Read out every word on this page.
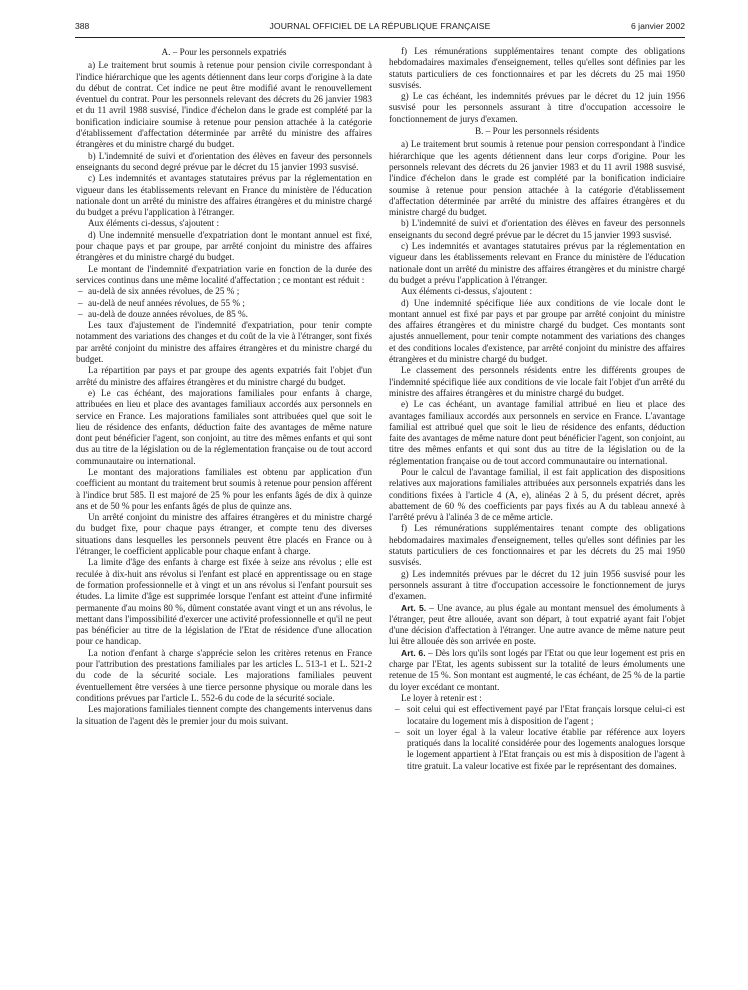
388	JOURNAL OFFICIEL DE LA RÉPUBLIQUE FRANÇAISE	6 janvier 2002

A. – Pour les personnels expatriés

a) Le traitement brut soumis à retenue pour pension civile correspondant à l'indice hiérarchique que les agents détiennent dans leur corps d'origine à la date du début de contrat. Cet indice ne peut être modifié avant le renouvellement éventuel du contrat. Pour les personnels relevant des décrets du 26 janvier 1983 et du 11 avril 1988 susvisé, l'indice d'échelon dans le grade est complété par la bonification indiciaire soumise à retenue pour pension attachée à la catégorie d'établissement d'affectation déterminée par arrêté du ministre des affaires étrangères et du ministre chargé du budget.

b) L'indemnité de suivi et d'orientation des élèves en faveur des personnels enseignants du second degré prévue par le décret du 15 janvier 1993 susvisé.

c) Les indemnités et avantages statutaires prévus par la réglementation en vigueur dans les établissements relevant en France du ministère de l'éducation nationale dont un arrêté du ministre des affaires étrangères et du ministre chargé du budget a prévu l'application à l'étranger.

Aux éléments ci-dessus, s'ajoutent :

d) Une indemnité mensuelle d'expatriation dont le montant annuel est fixé, pour chaque pays et par groupe, par arrêté conjoint du ministre des affaires étrangères et du ministre chargé du budget.

Le montant de l'indemnité d'expatriation varie en fonction de la durée des services continus dans une même localité d'affectation ; ce montant est réduit :

– au-delà de six années révolues, de 25 % ;

– au-delà de neuf années révolues, de 55 % ;

– au-delà de douze années révolues, de 85 %.

Les taux d'ajustement de l'indemnité d'expatriation, pour tenir compte notamment des variations des changes et du coût de la vie à l'étranger, sont fixés par arrêté conjoint du ministre des affaires étrangères et du ministre chargé du budget.

La répartition par pays et par groupe des agents expatriés fait l'objet d'un arrêté du ministre des affaires étrangères et du ministre chargé du budget.

e) Le cas échéant, des majorations familiales pour enfants à charge, attribuées en lieu et place des avantages familiaux accordés aux personnels en service en France. Les majorations familiales sont attribuées quel que soit le lieu de résidence des enfants, déduction faite des avantages de même nature dont peut bénéficier l'agent, son conjoint, au titre des mêmes enfants et qui sont dus au titre de la législation ou de la réglementation française ou de tout accord communautaire ou international.

Le montant des majorations familiales est obtenu par application d'un coefficient au montant du traitement brut soumis à retenue pour pension afférent à l'indice brut 585. Il est majoré de 25 % pour les enfants âgés de dix à quinze ans et de 50 % pour les enfants âgés de plus de quinze ans.

Un arrêté conjoint du ministre des affaires étrangères et du ministre chargé du budget fixe, pour chaque pays étranger, et compte tenu des diverses situations dans lesquelles les personnels peuvent être placés en France ou à l'étranger, le coefficient applicable pour chaque enfant à charge.

La limite d'âge des enfants à charge est fixée à seize ans révolus ; elle est reculée à dix-huit ans révolus si l'enfant est placé en apprentissage ou en stage de formation professionnelle et à vingt et un ans révolus si l'enfant poursuit ses études. La limite d'âge est supprimée lorsque l'enfant est atteint d'une infirmité permanente d'au moins 80 %, dûment constatée avant vingt et un ans révolus, le mettant dans l'impossibilité d'exercer une activité professionnelle et qu'il ne peut pas bénéficier au titre de la législation de l'Etat de résidence d'une allocation pour ce handicap.

La notion d'enfant à charge s'apprécie selon les critères retenus en France pour l'attribution des prestations familiales par les articles L. 513-1 et L. 521-2 du code de la sécurité sociale. Les majorations familiales peuvent éventuellement être versées à une tierce personne physique ou morale dans les conditions prévues par l'article L. 552-6 du code de la sécurité sociale.

Les majorations familiales tiennent compte des changements intervenus dans la situation de l'agent dès le premier jour du mois suivant.

f) Les rémunérations supplémentaires tenant compte des obligations hebdomadaires maximales d'enseignement, telles qu'elles sont définies par les statuts particuliers de ces fonctionnaires et par les décrets du 25 mai 1950 susvisés.

g) Le cas échéant, les indemnités prévues par le décret du 12 juin 1956 susvisé pour les personnels assurant à titre d'occupation accessoire le fonctionnement de jurys d'examen.

B. – Pour les personnels résidents

a) Le traitement brut soumis à retenue pour pension correspondant à l'indice hiérarchique que les agents détiennent dans leur corps d'origine. Pour les personnels relevant des décrets du 26 janvier 1983 et du 11 avril 1988 susvisé, l'indice d'échelon dans le grade est complété par la bonification indiciaire soumise à retenue pour pension attachée à la catégorie d'établissement d'affectation déterminée par arrêté du ministre des affaires étrangères et du ministre chargé du budget.

b) L'indemnité de suivi et d'orientation des élèves en faveur des personnels enseignants du second degré prévue par le décret du 15 janvier 1993 susvisé.

c) Les indemnités et avantages statutaires prévus par la réglementation en vigueur dans les établissements relevant en France du ministère de l'éducation nationale dont un arrêté du ministre des affaires étrangères et du ministre chargé du budget a prévu l'application à l'étranger.

Aux éléments ci-dessus, s'ajoutent :

d) Une indemnité spécifique liée aux conditions de vie locale dont le montant annuel est fixé par pays et par groupe par arrêté conjoint du ministre des affaires étrangères et du ministre chargé du budget. Ces montants sont ajustés annuellement, pour tenir compte notamment des variations des changes et des conditions locales d'existence, par arrêté conjoint du ministre des affaires étrangères et du ministre chargé du budget.

Le classement des personnels résidents entre les différents groupes de l'indemnité spécifique liée aux conditions de vie locale fait l'objet d'un arrêté du ministre des affaires étrangères et du ministre chargé du budget.

e) Le cas échéant, un avantage familial attribué en lieu et place des avantages familiaux accordés aux personnels en service en France. L'avantage familial est attribué quel que soit le lieu de résidence des enfants, déduction faite des avantages de même nature dont peut bénéficier l'agent, son conjoint, au titre des mêmes enfants et qui sont dus au titre de la législation ou de la réglementation française ou de tout accord communautaire ou international.

Pour le calcul de l'avantage familial, il est fait application des dispositions relatives aux majorations familiales attribuées aux personnels expatriés dans les conditions fixées à l'article 4 (A, e), alinéas 2 à 5, du présent décret, après abattement de 60 % des coefficients par pays fixés au A du tableau annexé à l'arrêté prévu à l'alinéa 3 de ce même article.

f) Les rémunérations supplémentaires tenant compte des obligations hebdomadaires maximales d'enseignement, telles qu'elles sont définies par les statuts particuliers de ces fonctionnaires et par les décrets du 25 mai 1950 susvisés.

g) Les indemnités prévues par le décret du 12 juin 1956 susvisé pour les personnels assurant à titre d'occupation accessoire le fonctionnement de jurys d'examen.

Art. 5. – Une avance, au plus égale au montant mensuel des émoluments à l'étranger, peut être allouée, avant son départ, à tout expatrié ayant fait l'objet d'une décision d'affectation à l'étranger. Une autre avance de même nature peut lui être allouée dès son arrivée en poste.

Art. 6. – Dès lors qu'ils sont logés par l'Etat ou que leur logement est pris en charge par l'Etat, les agents subissent sur la totalité de leurs émoluments une retenue de 15 %. Son montant est augmenté, le cas échéant, de 25 % de la partie du loyer excédant ce montant.

Le loyer à retenir est :

– soit celui qui est effectivement payé par l'Etat français lorsque celui-ci est locataire du logement mis à disposition de l'agent ;

– soit un loyer égal à la valeur locative établie par référence aux loyers pratiqués dans la localité considérée pour des logements analogues lorsque le logement appartient à l'Etat français ou est mis à disposition de l'agent à titre gratuit. La valeur locative est fixée par le représentant des domaines.
